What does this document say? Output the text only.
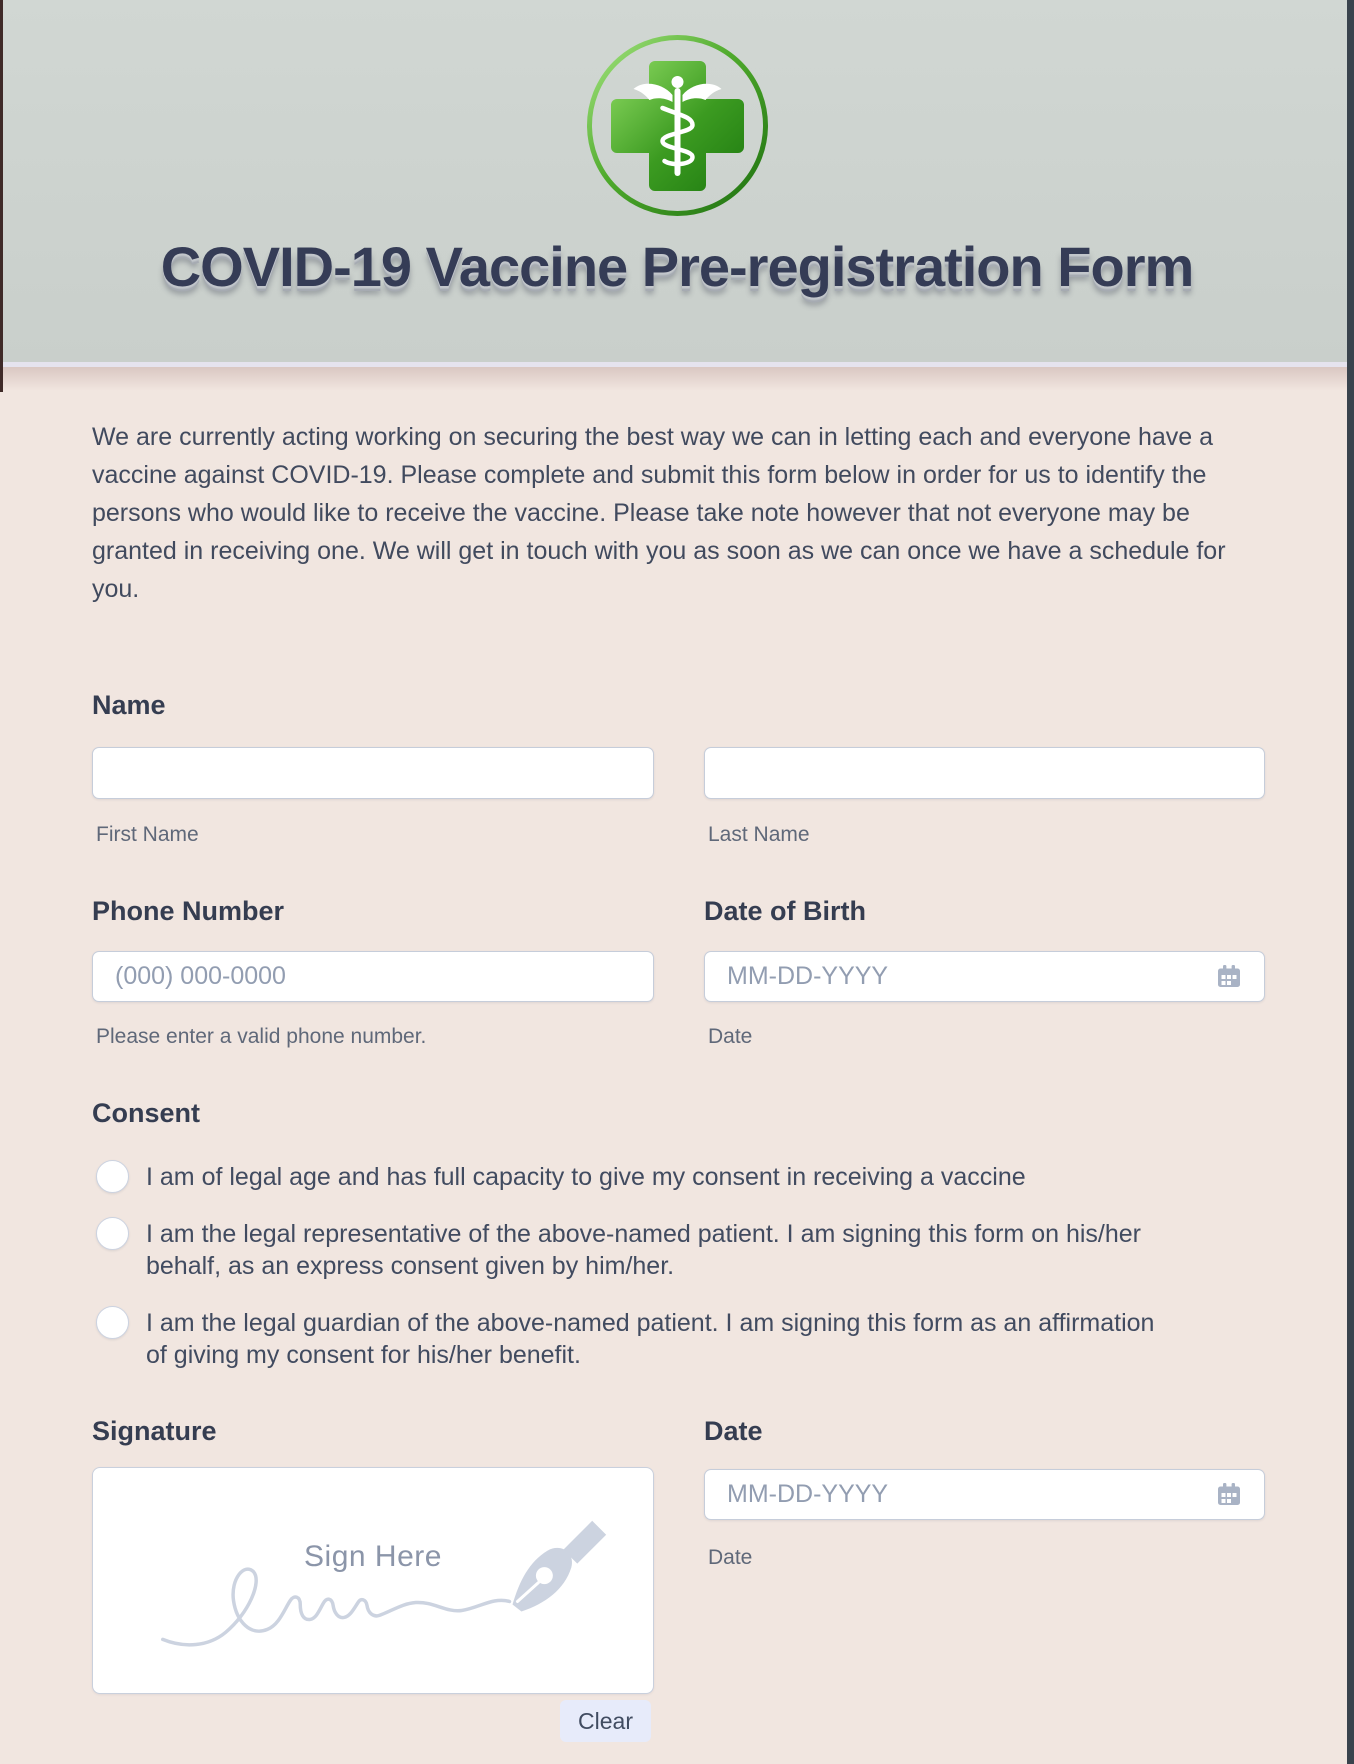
COVID-19 Vaccine Pre-registration Form

We are currently acting working on securing the best way we can in letting each and everyone have a vaccine against COVID-19. Please complete and submit this form below in order for us to identify the persons who would like to receive the vaccine. Please take note however that not everyone may be granted in receiving one. We will get in touch with you as soon as we can once we have a schedule for you.

Name
First Name	Last Name
Phone Number
(000) 000-0000
Please enter a valid phone number.
Date of Birth
MM-DD-YYYY
Date
Consent
I am of legal age and has full capacity to give my consent in receiving a vaccine
I am the legal representative of the above-named patient. I am signing this form on his/her behalf, as an express consent given by him/her.
I am the legal guardian of the above-named patient. I am signing this form as an affirmation of giving my consent for his/her benefit.
Signature
Sign Here
Clear
Date
MM-DD-YYYY
Date
